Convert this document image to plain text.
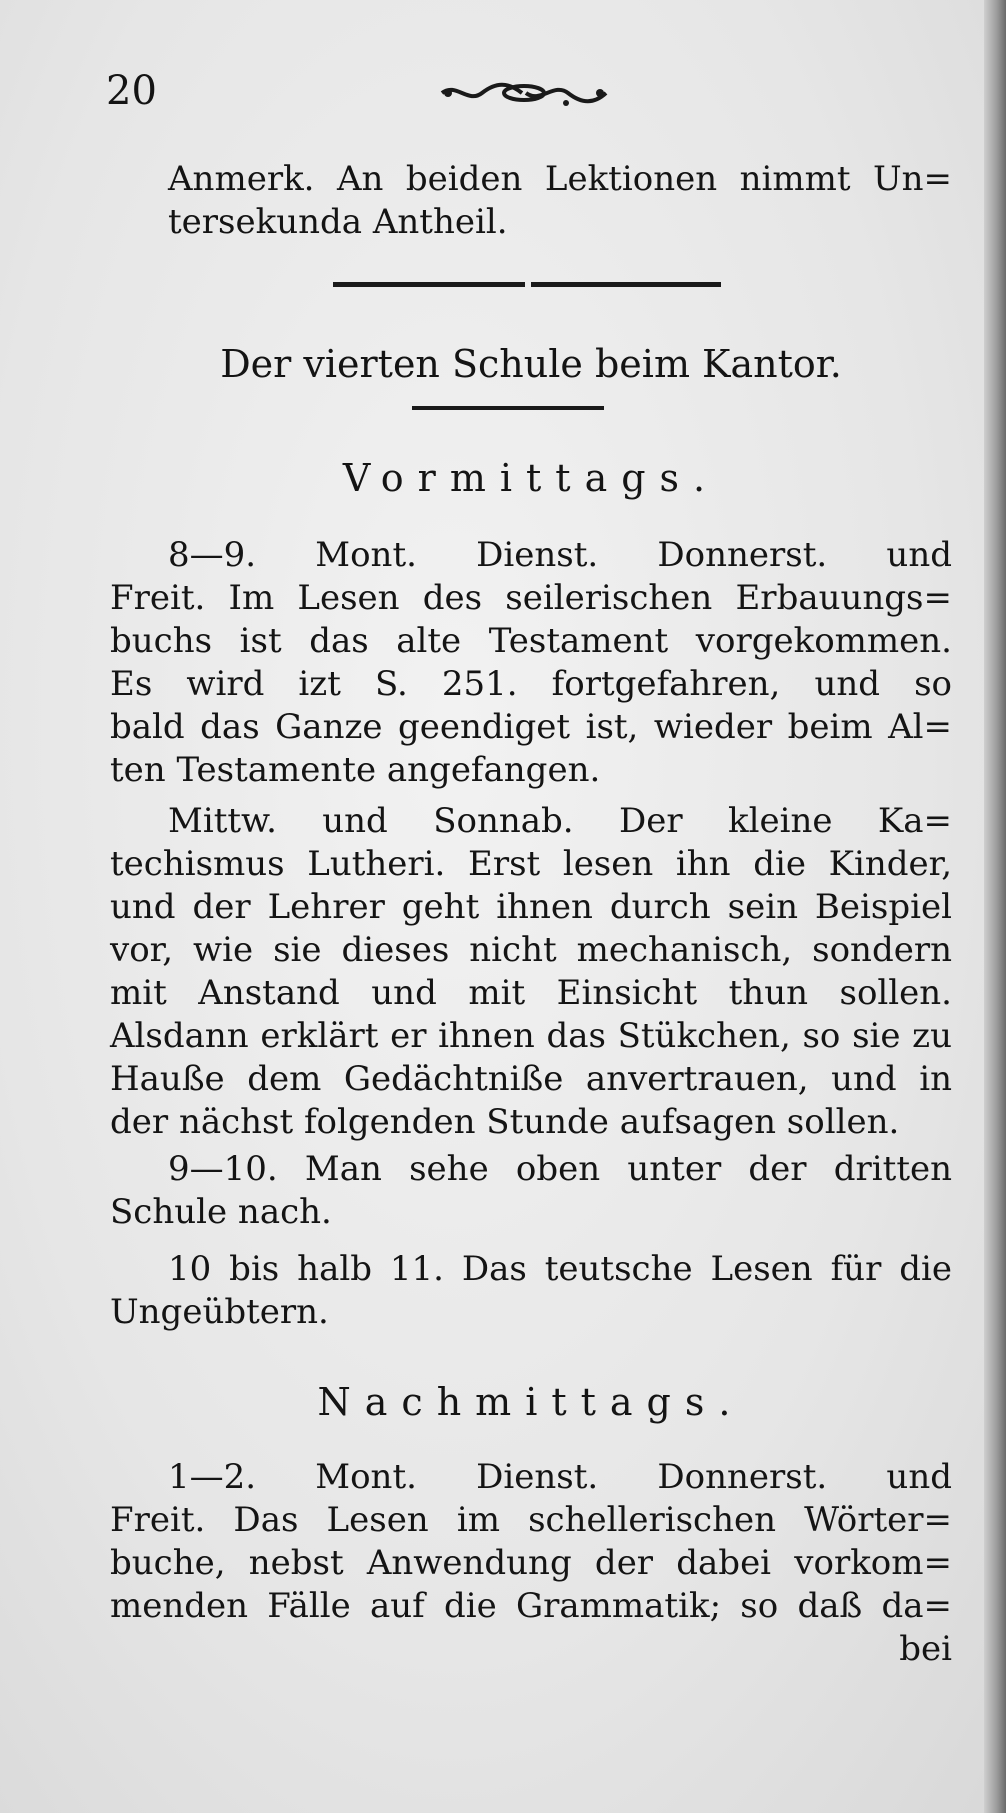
20
Anmerk. An beiden Lektionen nimmt Un=
tersekunda Antheil.
Der vierten Schule beim Kantor.
Vormittags.
8—9. Mont. Dienst. Donnerst. und
Freit. Im Lesen des seilerischen Erbauungs=
buchs ist das alte Testament vorgekommen.
Es wird izt S. 251. fortgefahren, und so
bald das Ganze geendiget ist, wieder beim Al=
ten Testamente angefangen.
Mittw. und Sonnab. Der kleine Ka=
techismus Lutheri. Erst lesen ihn die Kinder,
und der Lehrer geht ihnen durch sein Beispiel
vor, wie sie dieses nicht mechanisch, sondern
mit Anstand und mit Einsicht thun sollen.
Alsdann erklärt er ihnen das Stükchen, so sie zu
Hauße dem Gedächtniße anvertrauen, und in
der nächst folgenden Stunde aufsagen sollen.
9—10. Man sehe oben unter der dritten
Schule nach.
10 bis halb 11. Das teutsche Lesen für die
Ungeübtern.
Nachmittags.
1—2. Mont. Dienst. Donnerst. und
Freit. Das Lesen im schellerischen Wörter=
buche, nebst Anwendung der dabei vorkom=
menden Fälle auf die Grammatik; so daß da=
bei
